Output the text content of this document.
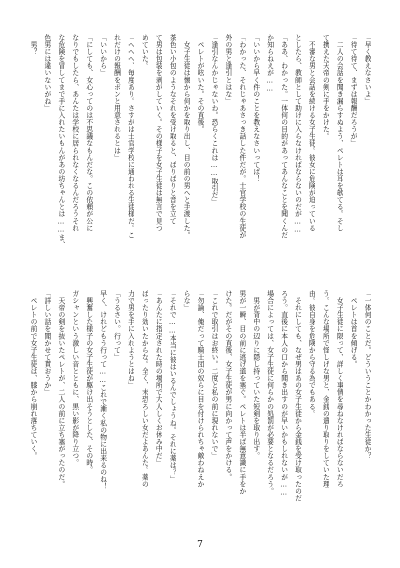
「早く教えなさいよ」
「待て待て、まずは報酬だろうが」
　二人の会話を聞き漏らすぬよう、ペレトは耳を欹てる。そし
て携えた天帝の剣に手をかけた。
　不審な男と会話を続ける女子生徒。彼女に危険が迫っている
としたら、教師として助けに入らなければならないのだが……
「ああ、わかった。一体何の目的があってあんなことを聞くんだ
か知らねえが……
「いいから早く件のことを教えなさいってば！
「わかった、それじゃあさっき話した件だが。士官学校の生徒が
外の男と逢引とはな」
「逢引なんかじゃないわ。恐らくこれは……取引だ」
　ペレトが呟いた。その直後。
　女子生徒は懐から何かを取り出し、目の前の男へと手渡した。
茶色い小包のようなそれを受け取ると、ばりばりと音を立て
て男は包装を剥がしていく。その様子を女子生徒は無言で見つ
めていた。
「へへへ、毎度あり。さすがは士官学校に通われる生徒様だ。こ
れだけの報酬をポンと用意されるとは」
「いいから」
「にしても、女心ってのは不思議なもんだな。この依頼が公に
なりでもしたら、あんたは学校に居られなくなるんだろうそれ
な危険を冒してまで手に入れたいもんがあの坊ちゃんとは……ま、
色男には違いないがね」
　男？
「一体何のことだ。どういうことかわかった生徒か？
　ペレトは首を傾げる。
　女子生徒に限って、詳しく事情を尋ねなければならないだろ
う。こんな場所で怪しげな男と、金銭の遣り取りをしていた理
由。彼自身を危険から守る為でもある。
　それにしても、なぜ男はあの女子生徒から金銭を受け取ったのだ
ろう。直後に本人の口から聞き出すのが早いかもしれないが……
場合によっては、女子生徒に何らかの処罰が必要となるだろう。
　男が背中の辺りに隠し持っていた短剣を取り出す。
男が一瞬、目の前に逃げ道を塞ぐ。ペレトは半ば無意識に手をか
けた。だがその直後、女子生徒が男に向かって声をかける。
「これで取引はお終い。二度と私の前に現れないで」
「勿論、俺だって騎士団の奴らに目を付けられちゃ敵わねえか
らな」
「それで……本当に彼はいるんでしょうね。それに薬は？」
「あんたに指定された時の場所で大人しくお休み中だ」
ぱったり効いたからな。全く、末恐ろしい女だよあんた。薬の
力で男を手に入れようとはね」
「うるさい。行って」
早く、けれどもう行って……これで漸く私の物に出来るのね！
　興奮した様子の女子生徒が駆け出そうとした、その時。
ガシャンという激しい音とともに、黒い影が降り立つ。
　天帝の剣を抜いたペレトが、二人の前に立ち塞がったのだ。
「詳しい話を聞かせて貰おうか」
　ペレトの前で女子生徒は、膝から崩れ落ちていく。
7
